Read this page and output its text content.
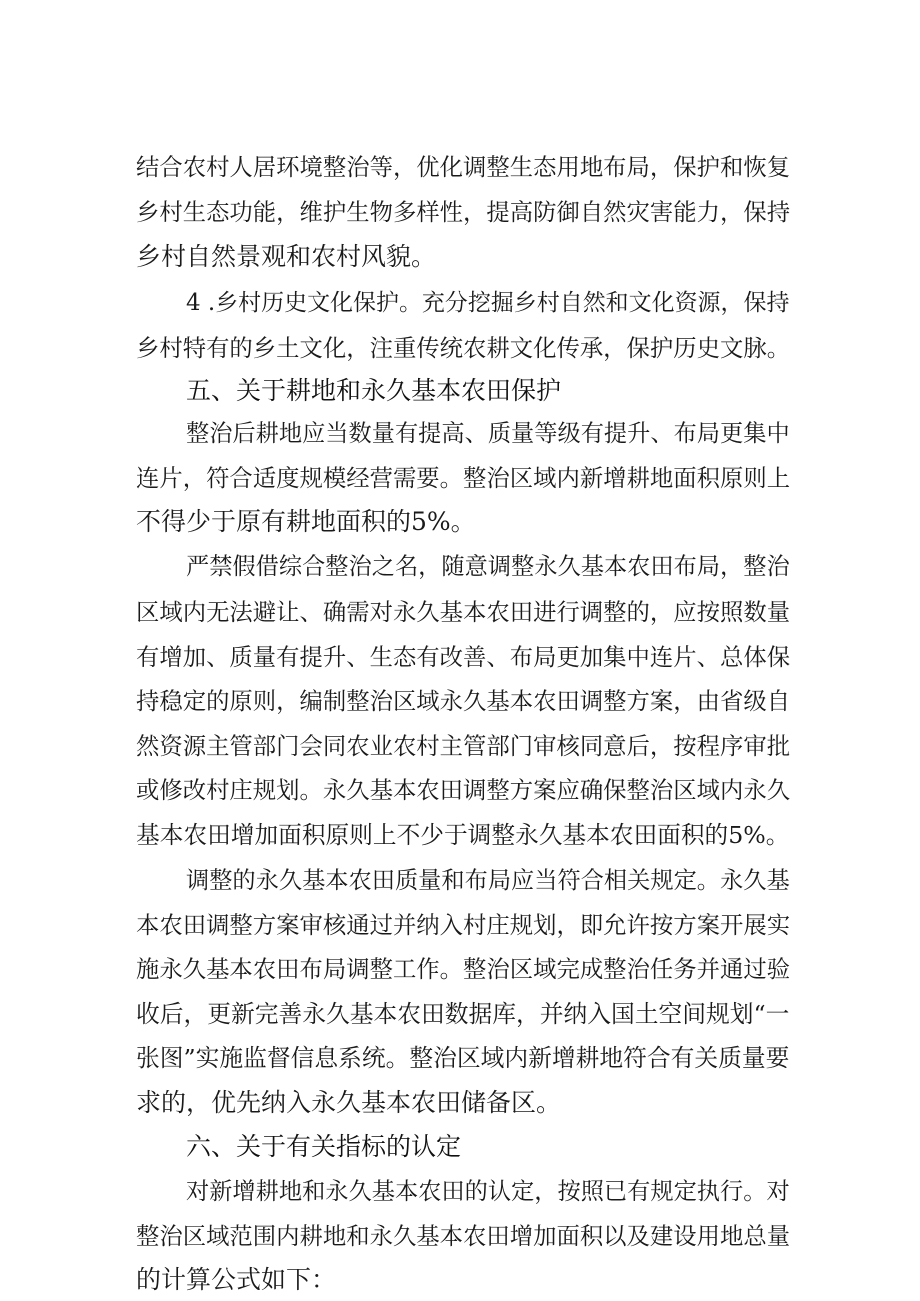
结合农村人居环境整治等，优化调整生态用地布局，保护和恢复
乡村生态功能，维护生物多样性，提高防御自然灾害能力，保持
乡村自然景观和农村风貌。
4 .乡村历史文化保护。充分挖掘乡村自然和文化资源，保持
乡村特有的乡土文化，注重传统农耕文化传承，保护历史文脉。
五、关于耕地和永久基本农田保护
整治后耕地应当数量有提高、质量等级有提升、布局更集中
连片，符合适度规模经营需要。整治区域内新增耕地面积原则上
不得少于原有耕地面积的5%。
严禁假借综合整治之名，随意调整永久基本农田布局，整治
区域内无法避让、确需对永久基本农田进行调整的，应按照数量
有增加、质量有提升、生态有改善、布局更加集中连片、总体保
持稳定的原则，编制整治区域永久基本农田调整方案，由省级自
然资源主管部门会同农业农村主管部门审核同意后，按程序审批
或修改村庄规划。永久基本农田调整方案应确保整治区域内永久
基本农田增加面积原则上不少于调整永久基本农田面积的5%。
调整的永久基本农田质量和布局应当符合相关规定。永久基
本农田调整方案审核通过并纳入村庄规划，即允许按方案开展实
施永久基本农田布局调整工作。整治区域完成整治任务并通过验
收后，更新完善永久基本农田数据库，并纳入国土空间规划“一
张图”实施监督信息系统。整治区域内新增耕地符合有关质量要
求的，优先纳入永久基本农田储备区。
六、关于有关指标的认定
对新增耕地和永久基本农田的认定，按照已有规定执行。对
整治区域范围内耕地和永久基本农田增加面积以及建设用地总量
的计算公式如下：
